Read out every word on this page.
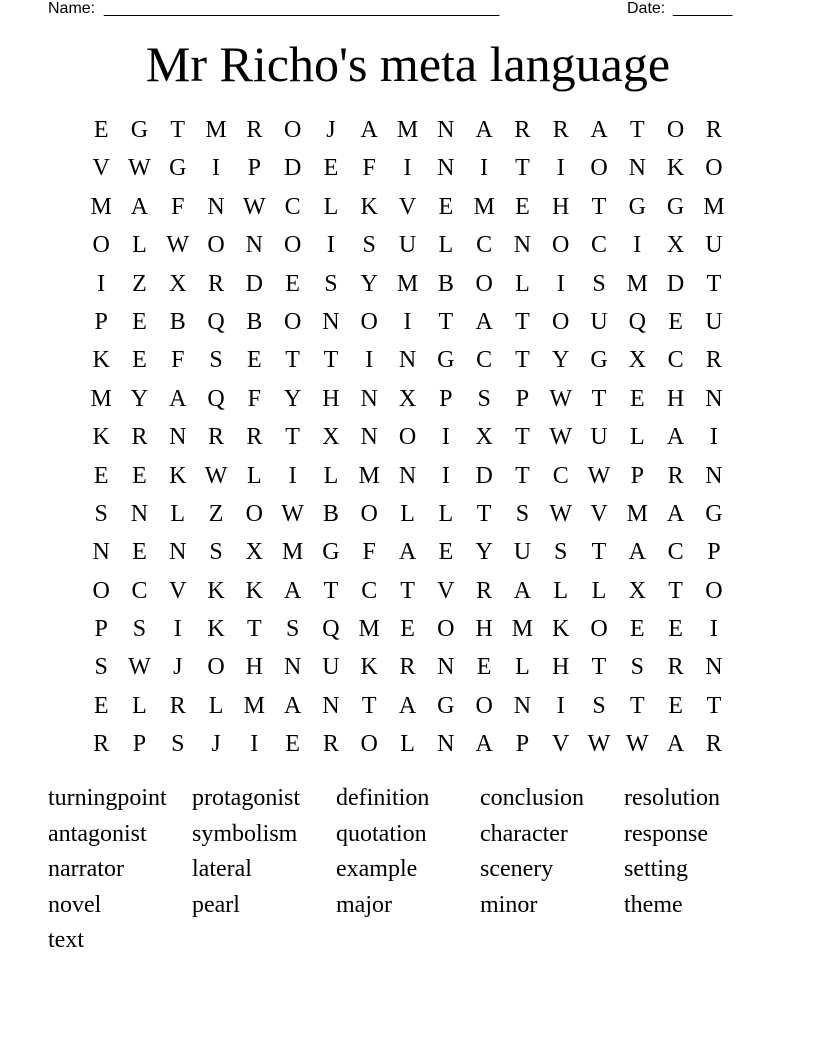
Name: _______________________________________________	Date: _______
Mr Richo's meta language
E G T M R O	J	A M N A R R A T O R
V W G	I	P D E	F	I	N	I	T	I	O N K O
M A F N W C L K V E M E H T G G M
O L W O N O	I	S U L C N O C	I	X U
I	Z X R D E	S Y M B O L	I	S M D T
P	E B Q B O N O	I	T A T O U Q E U
K E	F	S	E T T	I	N G C T Y G X C R
M Y A Q F Y H N X P	S	P W T E H N
K R N R R T X N O	I	X T W U L A	I
E E K W L	I	L M N	I	D T C W P R N
S N L Z O W B O L L T	S W V M A G
N E N S X M G F A E Y U S	T A C P
O C V K K A T C T V R A L L X T O
P	S	I	K T	S Q M E O H M K O E E	I
S W J	O H N U K R N E L H T	S R N
E L R L M A N T A G O N	I	S	T E T
R P	S	J	I	E R O L N A P V W W A R
turningpoint	protagonist	definition	conclusion	resolution
antagonist	symbolism	quotation	character	response
narrator	lateral	example	scenery	setting
novel	pearl	major	minor	theme
text
